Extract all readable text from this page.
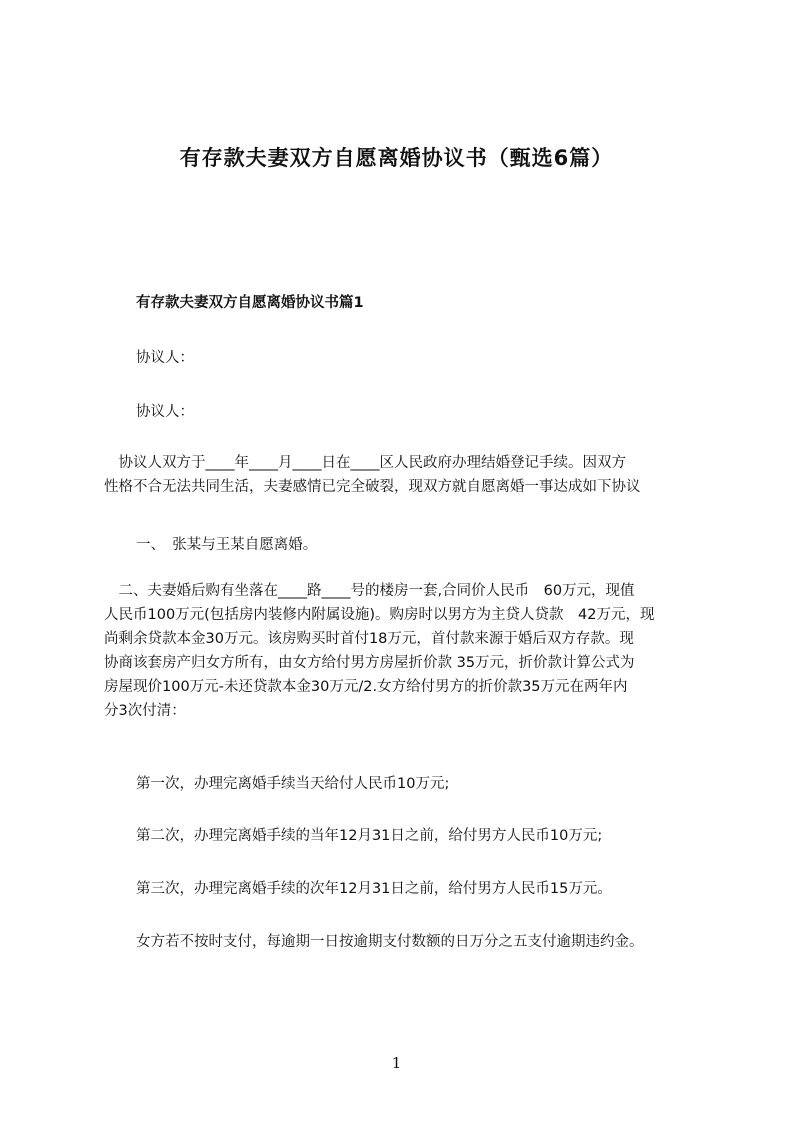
有存款夫妻双方自愿离婚协议书（甄选6篇）
有存款夫妻双方自愿离婚协议书篇1
协议人：
协议人：
　协议人双方于____年____月____日在____区人民政府办理结婚登记手续。因双方
性格不合无法共同生活，夫妻感情已完全破裂，现双方就自愿离婚一事达成如下协议
一、　张某与王某自愿离婚。
　二、夫妻婚后购有坐落在____路____号的楼房一套,合同价人民币　60万元，现值
人民币100万元(包括房内装修内附属设施)。购房时以男方为主贷人贷款　42万元，现
尚剩余贷款本金30万元。该房购买时首付18万元，首付款来源于婚后双方存款。现
协商该套房产归女方所有，由女方给付男方房屋折价款 35万元，折价款计算公式为
房屋现价100万元-未还贷款本金30万元/2.女方给付男方的折价款35万元在两年内
分3次付清：
第一次，办理完离婚手续当天给付人民币10万元;
第二次，办理完离婚手续的当年12月31日之前，给付男方人民币10万元;
第三次，办理完离婚手续的次年12月31日之前，给付男方人民币15万元。
女方若不按时支付，每逾期一日按逾期支付数额的日万分之五支付逾期违约金。
1
